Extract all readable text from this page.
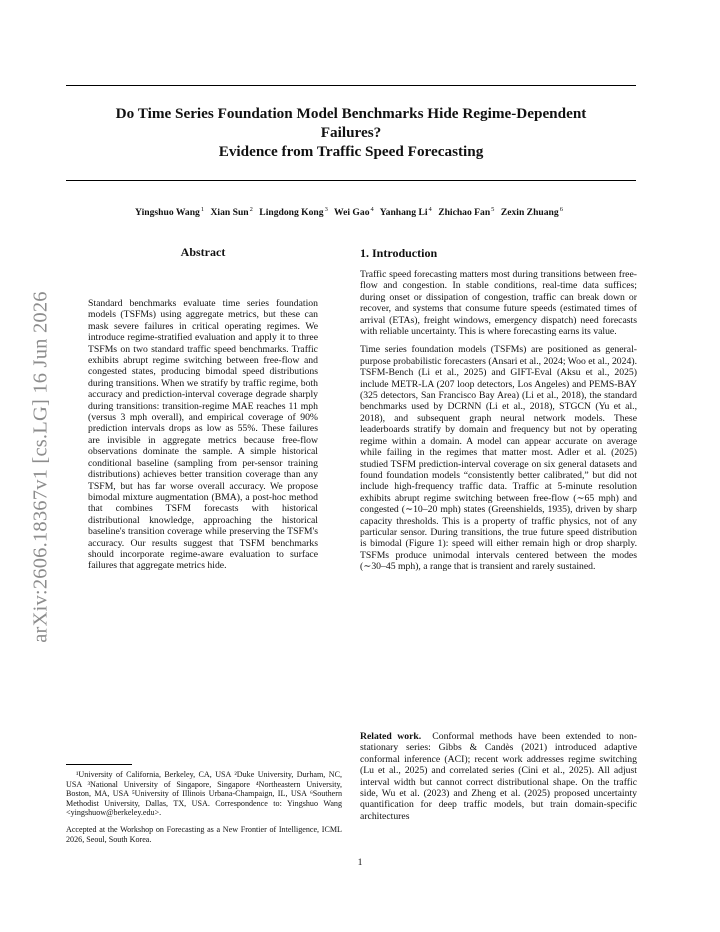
arXiv:2606.18367v1 [cs.LG] 16 Jun 2026
Do Time Series Foundation Model Benchmarks Hide Regime-Dependent
Failures?
Evidence from Traffic Speed Forecasting
Yingshuo Wang$^1$ Xian Sun$^2$ Lingdong Kong$^3$ Wei Gao$^4$ Yanhang Li$^4$ Zhichao Fan$^5$ Zexin Zhuang$^6$
Abstract
Standard benchmarks evaluate time series foundation models (TSFMs) using aggregate metrics, but these can mask severe failures in critical operating regimes. We introduce regime-stratified evaluation and apply it to three TSFMs on two standard traffic speed benchmarks. Traffic exhibits abrupt regime switching between free-flow and congested states, producing bimodal speed distributions during transitions. When we stratify by traffic regime, both accuracy and prediction-interval coverage degrade sharply during transitions: transition-regime MAE reaches 11 mph (versus 3 mph overall), and empirical coverage of 90% prediction intervals drops as low as 55%. These failures are invisible in aggregate metrics because free-flow observations dominate the sample. A simple historical conditional baseline (sampling from per-sensor training distributions) achieves better transition coverage than any TSFM, but has far worse overall accuracy. We propose bimodal mixture augmentation (BMA), a post-hoc method that combines TSFM forecasts with historical distributional knowledge, approaching the historical baseline's transition coverage while preserving the TSFM's accuracy. Our results suggest that TSFM benchmarks should incorporate regime-aware evaluation to surface failures that aggregate metrics hide.

¹University of California, Berkeley, CA, USA ²Duke University, Durham, NC, USA ³National University of Singapore, Singapore ⁴Northeastern University, Boston, MA, USA ⁵University of Illinois Urbana-Champaign, IL, USA ⁶Southern Methodist University, Dallas, TX, USA. Correspondence to: Yingshuo Wang <yingshuow@berkeley.edu>.

Accepted at the Workshop on Forecasting as a New Frontier of Intelligence, ICML 2026, Seoul, South Korea.

1. Introduction

Traffic speed forecasting matters most during transitions between free-flow and congestion. In stable conditions, real-time data suffices; during onset or dissipation of congestion, traffic can break down or recover, and systems that consume future speeds (estimated times of arrival (ETAs), freight windows, emergency dispatch) need forecasts with reliable uncertainty. This is where forecasting earns its value.

Time series foundation models (TSFMs) are positioned as general-purpose probabilistic forecasters (Ansari et al., 2024; Woo et al., 2024). TSFM-Bench (Li et al., 2025) and GIFT-Eval (Aksu et al., 2025) include METR-LA (207 loop detectors, Los Angeles) and PEMS-BAY (325 detectors, San Francisco Bay Area) (Li et al., 2018), the standard benchmarks used by DCRNN (Li et al., 2018), STGCN (Yu et al., 2018), and subsequent graph neural network models. These leaderboards stratify by domain and frequency but not by operating regime within a domain. A model can appear accurate on average while failing in the regimes that matter most. Adler et al. (2025) studied TSFM prediction-interval coverage on six general datasets and found foundation models “consistently better calibrated,” but did not include high-frequency traffic data. Traffic at 5-minute resolution exhibits abrupt regime switching between free-flow (∼65 mph) and congested (∼10–20 mph) states (Greenshields, 1935), driven by sharp capacity thresholds. This is a property of traffic physics, not of any particular sensor. During transitions, the true future speed distribution is bimodal (Figure 1): speed will either remain high or drop sharply. TSFMs produce unimodal intervals centered between the modes (∼30–45 mph), a range that is transient and rarely sustained.

Related work. Conformal methods have been extended to non-stationary series: Gibbs & Candès (2021) introduced adaptive conformal inference (ACI); recent work addresses regime switching (Lu et al., 2025) and correlated series (Cini et al., 2025). All adjust interval width but cannot correct distributional shape. On the traffic side, Wu et al. (2023) and Zheng et al. (2025) proposed uncertainty quantification for deep traffic models, but train domain-specific architectures
1
